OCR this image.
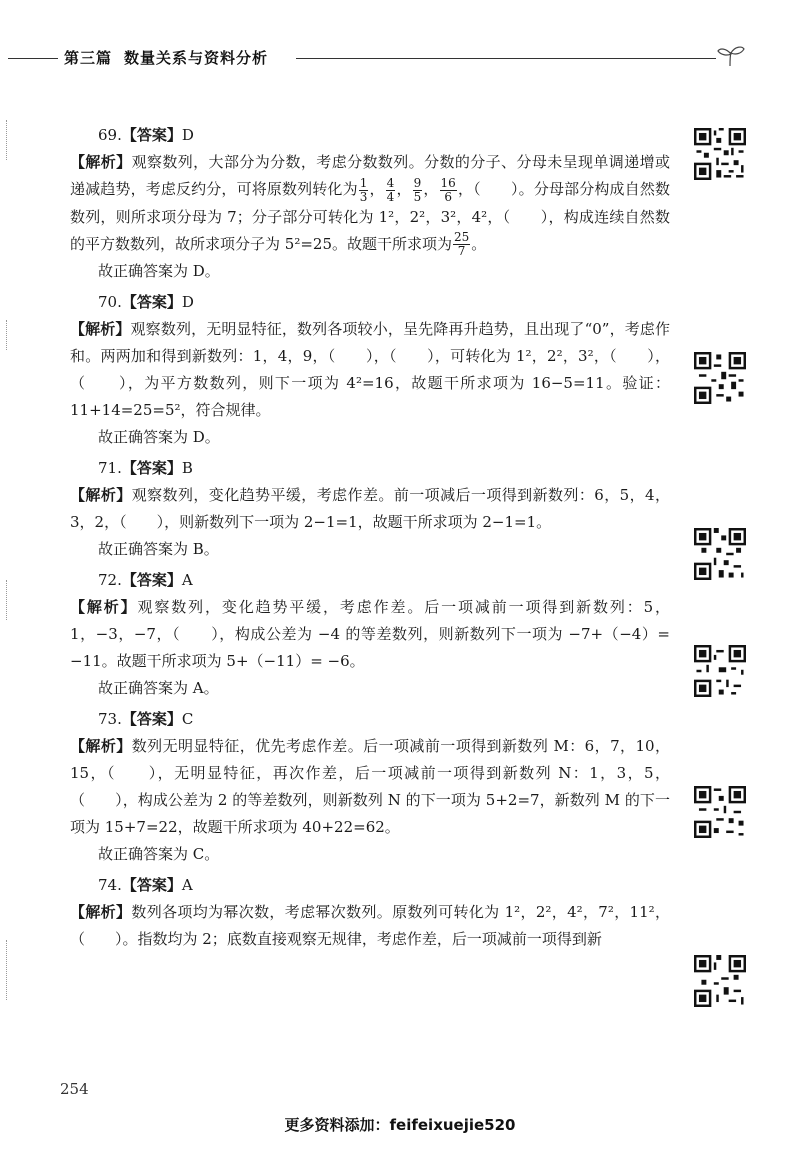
第三篇 数量关系与资料分析
69.【答案】D

【解析】观察数列，大部分为分数，考虑分数数列。分数的分子、分母未呈现单调递增或递减趋势，考虑反约分，可将原数列转化为 $\frac{1}{3}$ ， $\frac{4}{4}$ ， $\frac{9}{5}$ ， $\frac{16}{6}$ ，（　　）。分母部分构成自然数数列，则所求项分母为 7；分子部分可转化为 1²，2²，3²，4²，（　　），构成连续自然数的平方数数列，故所求项分子为 5²=25。故题干所求项为 $\frac{25}{7}$ 。

故正确答案为 D。
70.【答案】D

【解析】观察数列，无明显特征，数列各项较小，呈先降再升趋势，且出现了“0”，考虑作和。两两加和得到新数列：1，4，9，（　　），（　　），可转化为 1²，2²，3²，（　　），（　　），为平方数数列，则下一项为 4²=16，故题干所求项为 16−5=11。验证：11+14=25=5²，符合规律。

故正确答案为 D。
71.【答案】B

【解析】观察数列，变化趋势平缓，考虑作差。前一项减后一项得到新数列：6，5，4，3，2，（　　），则新数列下一项为 2−1=1，故题干所求项为 2−1=1。

故正确答案为 B。
72.【答案】A

【解析】观察数列，变化趋势平缓，考虑作差。后一项减前一项得到新数列：5，1，−3，−7，（　　），构成公差为 −4 的等差数列，则新数列下一项为 −7+（−4）= −11。故题干所求项为 5+（−11）= −6。

故正确答案为 A。
73.【答案】C

【解析】数列无明显特征，优先考虑作差。后一项减前一项得到新数列 M：6，7，10，15，（　　），无明显特征，再次作差，后一项减前一项得到新数列 N：1，3，5，（　　），构成公差为 2 的等差数列，则新数列 N 的下一项为 5+2=7，新数列 M 的下一项为 15+7=22，故题干所求项为 40+22=62。

故正确答案为 C。
74.【答案】A

【解析】数列各项均为幂次数，考虑幂次数列。原数列可转化为 1²，2²，4²，7²，11²，（　　）。指数均为 2；底数直接观察无规律，考虑作差，后一项减前一项得到新

254
更多资料添加：feifeixuejie520
